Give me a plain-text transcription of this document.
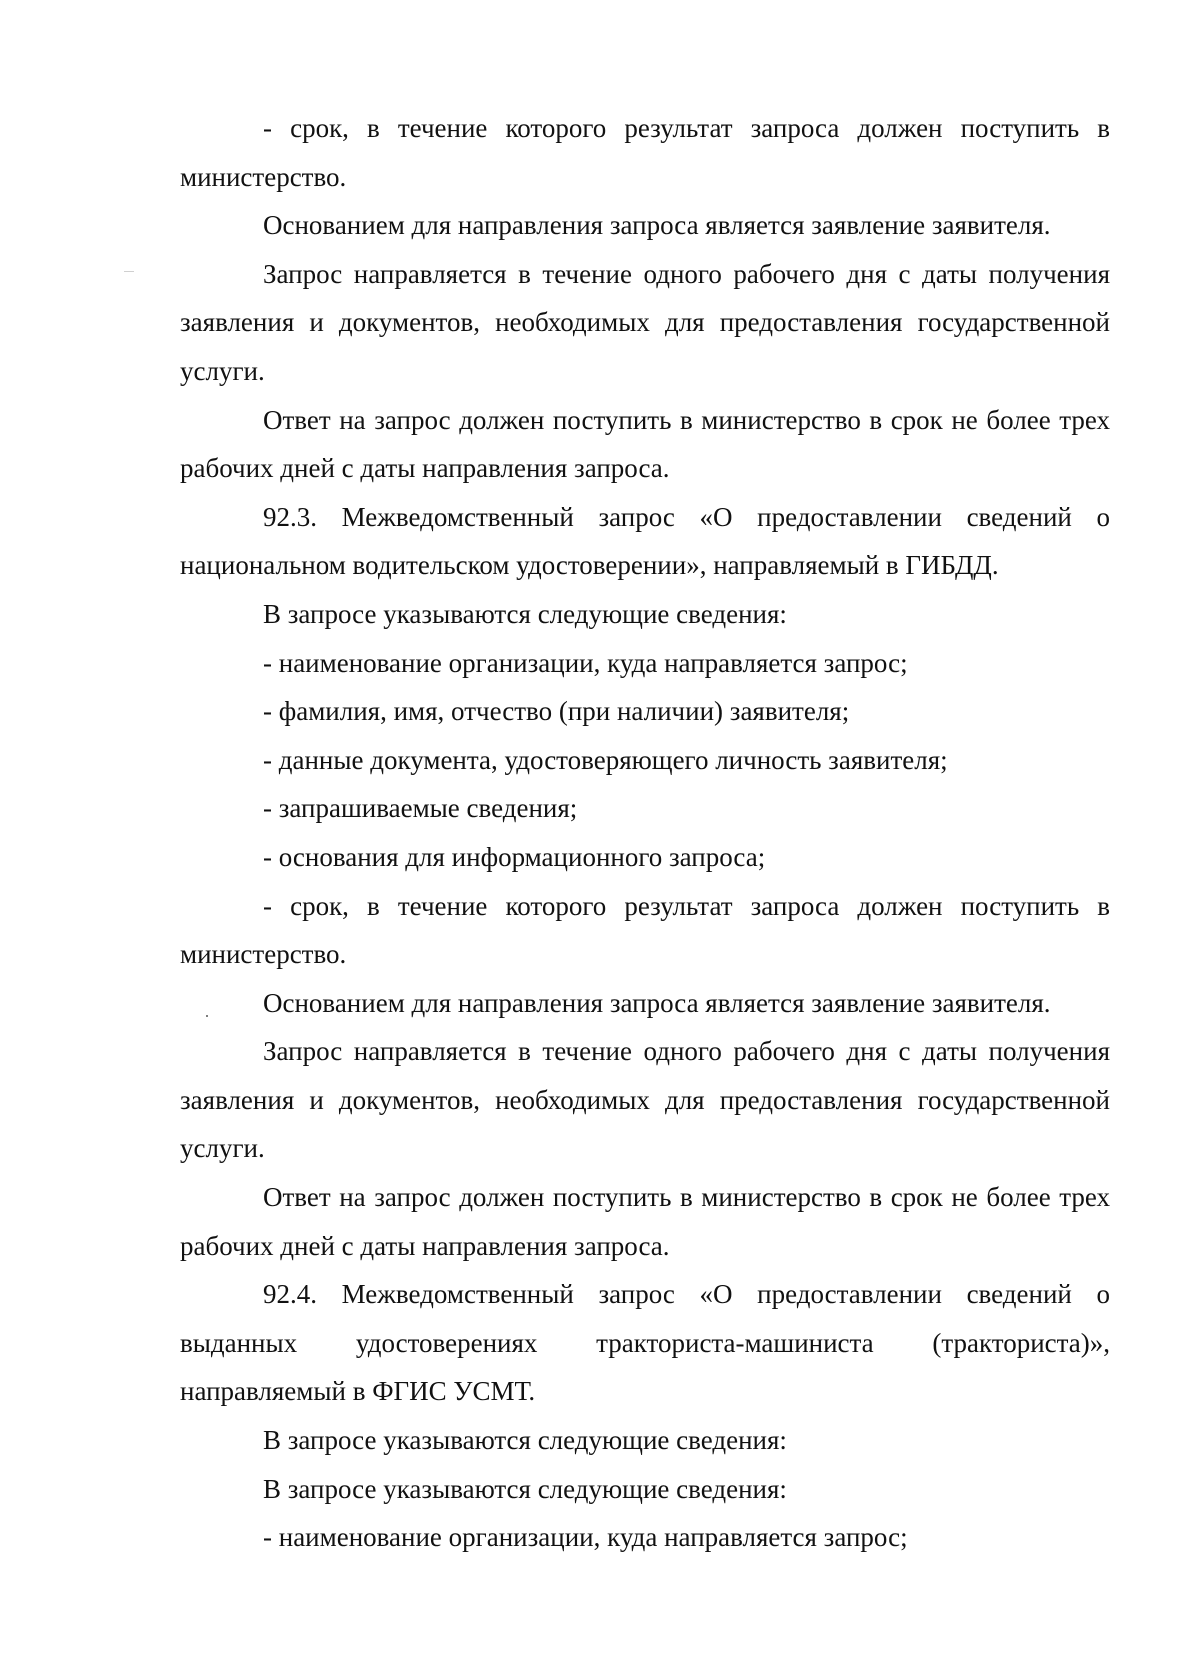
- срок, в течение которого результат запроса должен поступить в
министерство.
Основанием для направления запроса является заявление заявителя.
Запрос направляется в течение одного рабочего дня с даты получения
заявления и документов, необходимых для предоставления государственной
услуги.
Ответ на запрос должен поступить в министерство в срок не более трех
рабочих дней с даты направления запроса.
92.3. Межведомственный запрос «О предоставлении сведений о
национальном водительском удостоверении», направляемый в ГИБДД.
В запросе указываются следующие сведения:
- наименование организации, куда направляется запрос;
- фамилия, имя, отчество (при наличии) заявителя;
- данные документа, удостоверяющего личность заявителя;
- запрашиваемые сведения;
- основания для информационного запроса;
- срок, в течение которого результат запроса должен поступить в
министерство.
Основанием для направления запроса является заявление заявителя.
Запрос направляется в течение одного рабочего дня с даты получения
заявления и документов, необходимых для предоставления государственной
услуги.
Ответ на запрос должен поступить в министерство в срок не более трех
рабочих дней с даты направления запроса.
92.4. Межведомственный запрос «О предоставлении сведений о
выданных удостоверениях тракториста-машиниста (тракториста)»,
направляемый в ФГИС УСМТ.
В запросе указываются следующие сведения:
В запросе указываются следующие сведения:
- наименование организации, куда направляется запрос;
